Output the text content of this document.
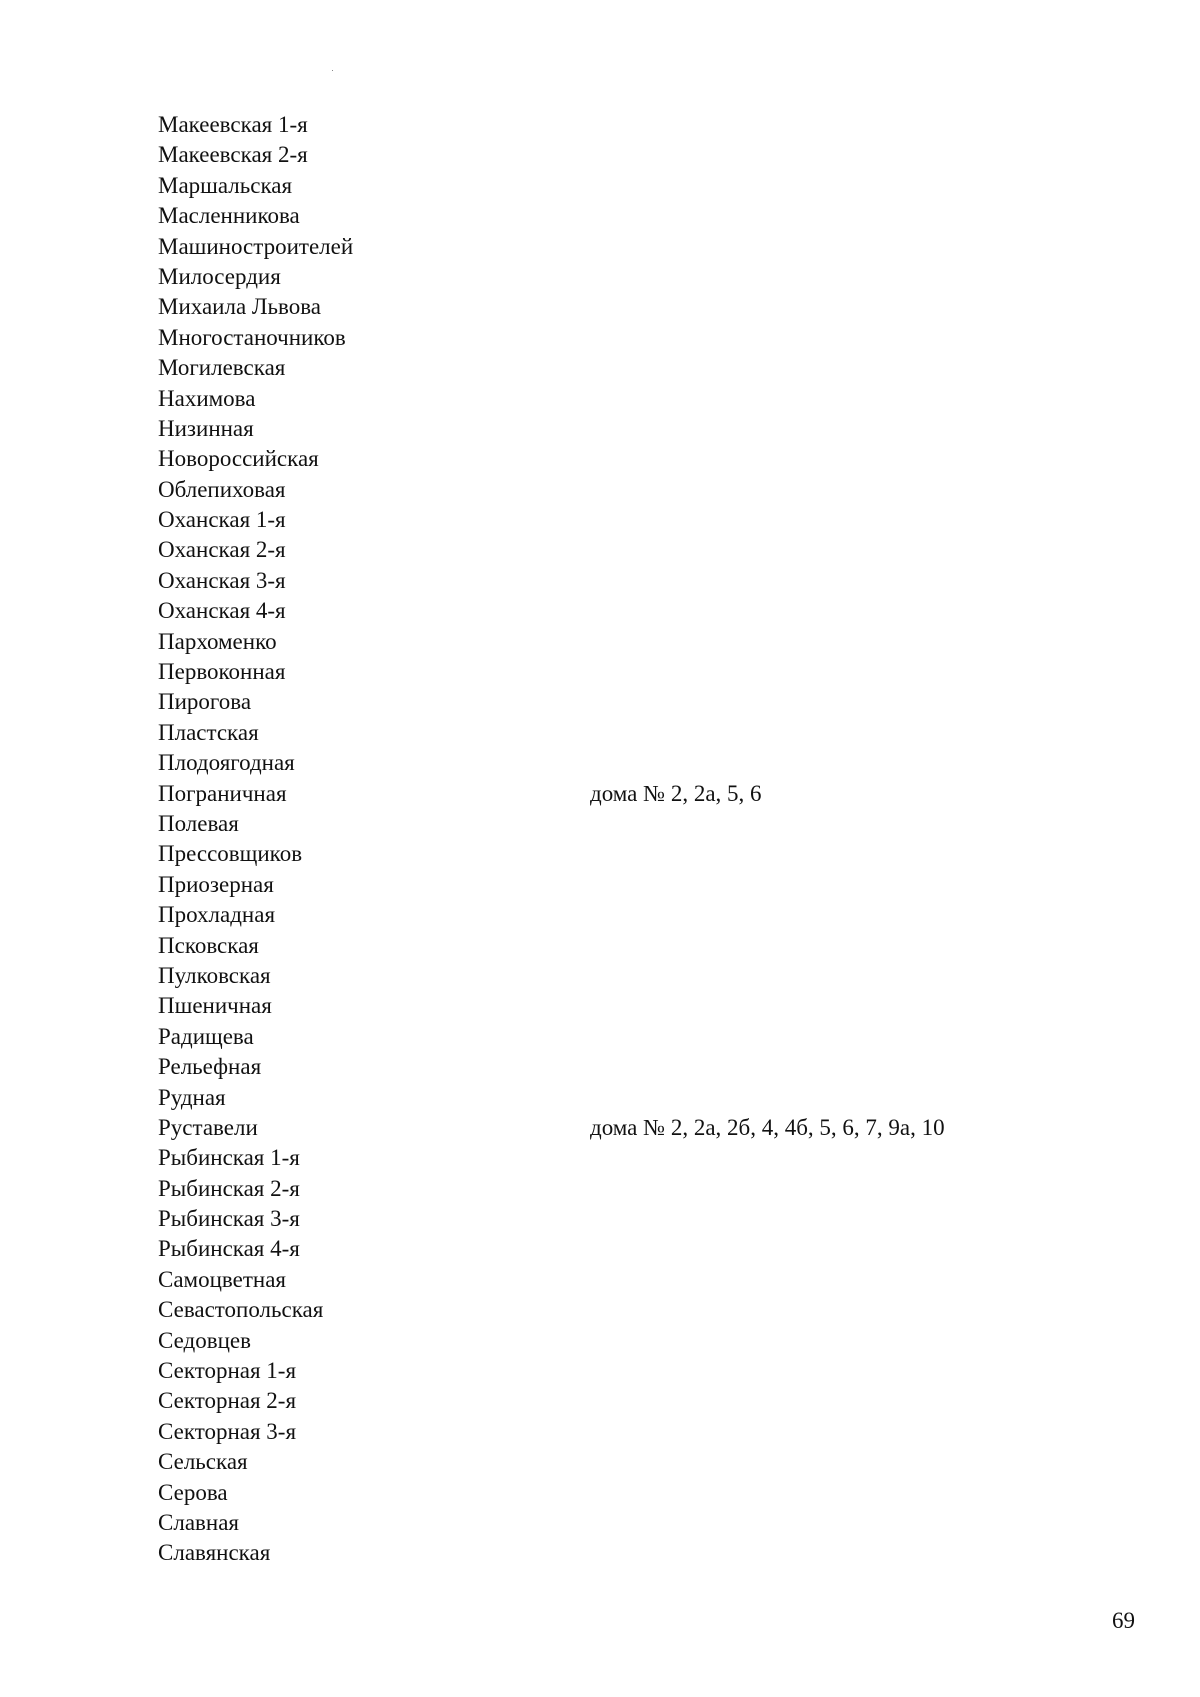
Макеевская 1-я
Макеевская 2-я
Маршальская
Масленникова
Машиностроителей
Милосердия
Михаила Львова
Многостаночников
Могилевская
Нахимова
Низинная
Новороссийская
Облепиховая
Оханская 1-я
Оханская 2-я
Оханская 3-я
Оханская 4-я
Пархоменко
Первоконная
Пирогова
Пластская
Плодоягодная
Пограничная	дома № 2, 2а, 5, 6
Полевая
Прессовщиков
Приозерная
Прохладная
Псковская
Пулковская
Пшеничная
Радищева
Рельефная
Рудная
Руставели	дома № 2, 2а, 2б, 4, 4б, 5, 6, 7, 9а, 10
Рыбинская 1-я
Рыбинская 2-я
Рыбинская 3-я
Рыбинская 4-я
Самоцветная
Севастопольская
Седовцев
Секторная 1-я
Секторная 2-я
Секторная 3-я
Сельская
Серова
Славная
Славянская
69
